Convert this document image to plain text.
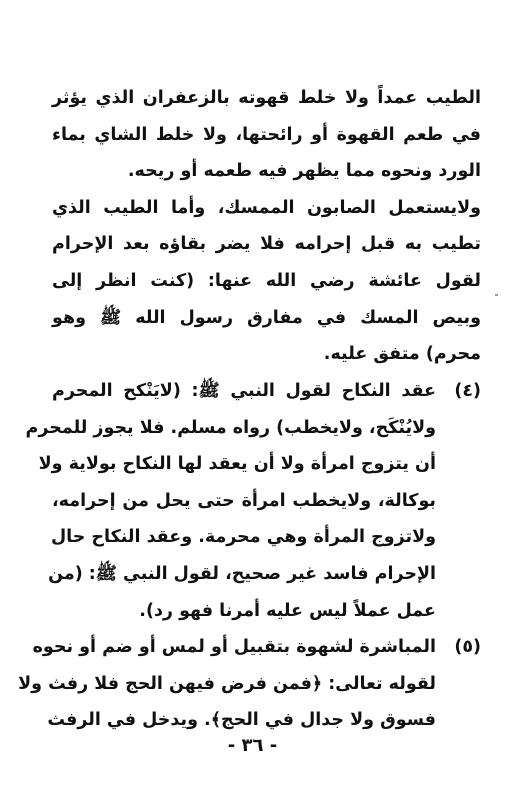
الطيب عمداً ولا خلط قهوته بالزعفران الذي يؤثر
في طعم القهوة أو رائحتها، ولا خلط الشاي بماء
الورد ونحوه مما يظهر فيه طعمه أو ريحه.
ولايستعمل الصابون الممسك، وأما الطيب الذي
تطيب به قبل إحرامه فلا يضر بقاؤه بعد الإحرام
لقول عائشة رضي الله عنها: (كنت انظر إلى
وبيص المسك في مفارق رسول الله ﷺ وهو
محرم) متفق عليه.
(٤)
عقد النكاح لقول النبي ﷺ: (لايَنْكح المحرم
ولايُنْكَح، ولايخطب) رواه مسلم. فلا يجوز للمحرم
أن يتزوج امرأة ولا أن يعقد لها النكاح بولاية ولا
بوكالة، ولايخطب امرأة حتى يحل من إحرامه،
ولاتزوج المرأة وهي محرمة. وعقد النكاح حال
الإحرام فاسد غير صحيح، لقول النبي ﷺ: (من
عمل عملاً ليس عليه أمرنا فهو رد).
(٥)
المباشرة لشهوة بتقبيل أو لمس أو ضم أو نحوه
لقوله تعالى: ﴿فمن فرض فيهن الحج فلا رفث ولا
فسوق ولا جدال في الحج﴾. ويدخل في الرفث
- ٣٦ -
